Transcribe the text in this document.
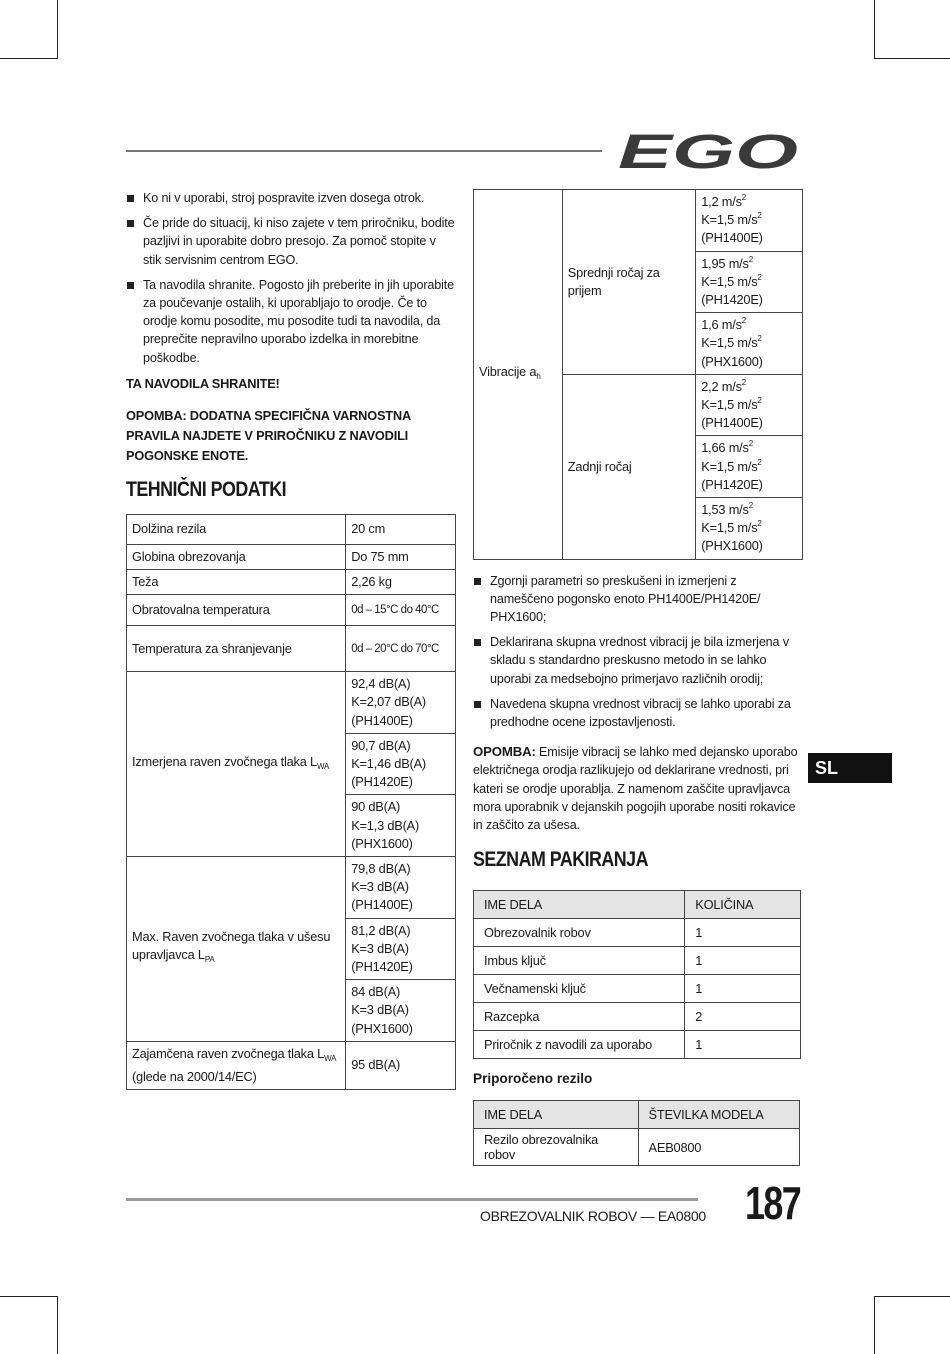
EGO
Ko ni v uporabi, stroj pospravite izven dosega otrok.
Če pride do situacij, ki niso zajete v tem priročniku, bodite pazljivi in uporabite dobro presojo. Za pomoč stopite v stik servisnim centrom EGO.
Ta navodila shranite. Pogosto jih preberite in jih uporabite za poučevanje ostalih, ki uporabljajo to orodje. Če to orodje komu posodite, mu posodite tudi ta navodila, da preprečite nepravilno uporabo izdelka in morebitne poškodbe.

TA NAVODILA SHRANITE!

OPOMBA: DODATNA SPECIFIČNA VARNOSTNA PRAVILA NAJDETE V PRIROČNIKU Z NAVODILI POGONSKE ENOTE.

TEHNIČNI PODATKI

Dolžina rezila	20 cm
Globina obrezovanja	Do 75 mm
Teža	2,26 kg
Obratovalna temperatura	0d – 15°C do 40°C
Temperatura za shranjevanje	0d – 20°C do 70°C
Izmerjena raven zvočnega tlaka $L_{WA}$	92,4 dB(A)
K=2,07 dB(A)
(PH1400E)

	90,7 dB(A)
K=1,46 dB(A)
(PH1420E)

	90 dB(A)
K=1,3 dB(A)
(PHX1600)

Max. Raven zvočnega tlaka v ušesu upravljavca $L_{PA}$	79,8 dB(A)
K=3 dB(A)
(PH1400E)

	81,2 dB(A)
K=3 dB(A)
(PH1420E)

	84 dB(A)
K=3 dB(A)
(PHX1600)

Zajamčena raven zvočnega tlaka $L_{WA}$
(glede na 2000/14/EC)	95 dB(A)
Vibracije $a_h$	Sprednji ročaj za prijem	1,2 $m/s^2$
K=1,5 $m/s^2$
(PH1400E)

		1,95 $m/s^2$
K=1,5 $m/s^2$
(PH1420E)

		1,6 $m/s^2$
K=1,5 $m/s^2$
(PHX1600)

	Zadnji ročaj	2,2 $m/s^2$
K=1,5 $m/s^2$
(PH1400E)

		1,66 $m/s^2$
K=1,5 $m/s^2$
(PH1420E)

		1,53 $m/s^2$
K=1,5 $m/s^2$
(PHX1600)
Zgornji parametri so preskušeni in izmerjeni z nameščeno pogonsko enoto PH1400E/PH1420E/ PHX1600;
Deklarirana skupna vrednost vibracij je bila izmerjena v skladu s standardno preskusno metodo in se lahko uporabi za medsebojno primerjavo različnih orodij;
Navedena skupna vrednost vibracij se lahko uporabi za predhodne ocene izpostavljenosti.

OPOMBA: Emisije vibracij se lahko med dejansko uporabo električnega orodja razlikujejo od deklarirane vrednosti, pri kateri se orodje uporablja. Z namenom zaščite upravljavca mora uporabnik v dejanskih pogojih uporabe nositi rokavice in zaščito za ušesa.

SEZNAM PAKIRANJA

IME DELA	KOLIČINA
Obrezovalnik robov	1
Imbus ključ	1
Večnamenski ključ	1
Razcepka	2
Priročnik z navodili za uporabo	1

Priporočeno rezilo

IME DELA	ŠTEVILKA MODELA
Rezilo obrezovalnika robov	AEB0800
SL
OBREZOVALNIK ROBOV — EA0800 187
